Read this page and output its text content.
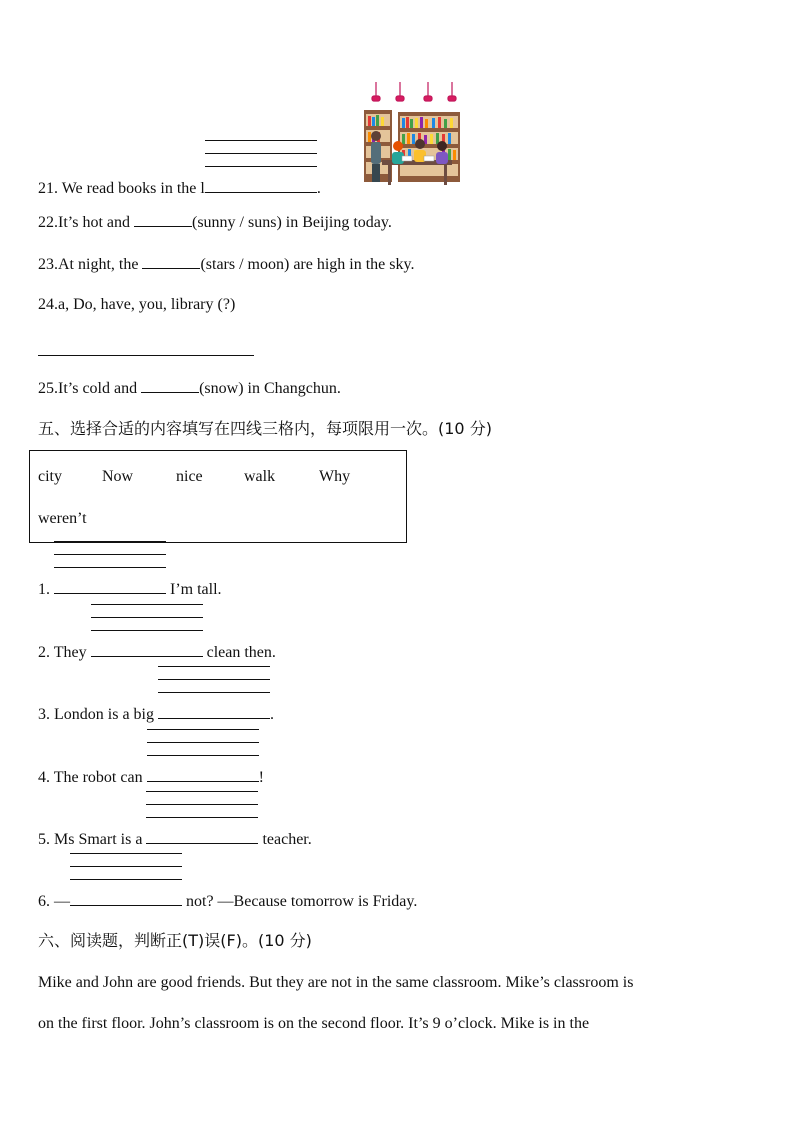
21. We read books in the l	.
22.It’s hot and	(sunny / suns) in Beijing today.
23.At night, the	(stars / moon) are high in the sky.
24.a, Do, have, you, library (?)
25.It’s cold and	(snow) in Changchun.
五、选择合适的内容填写在四线三格内，每项限用一次。(10 分)
city	Now	nice	walk	Why
weren’t
1.	I’m tall.
2. They	clean then.
3. London is a big	.
4. The robot can	!
5. Ms Smart is a	teacher.
6. —	not? —Because tomorrow is Friday.
六、阅读题，判断正(T)误(F)。(10 分)
Mike and John are good friends. But they are not in the same classroom. Mike’s classroom is
on the first floor. John’s classroom is on the second floor. It’s 9 o’clock. Mike is in the
